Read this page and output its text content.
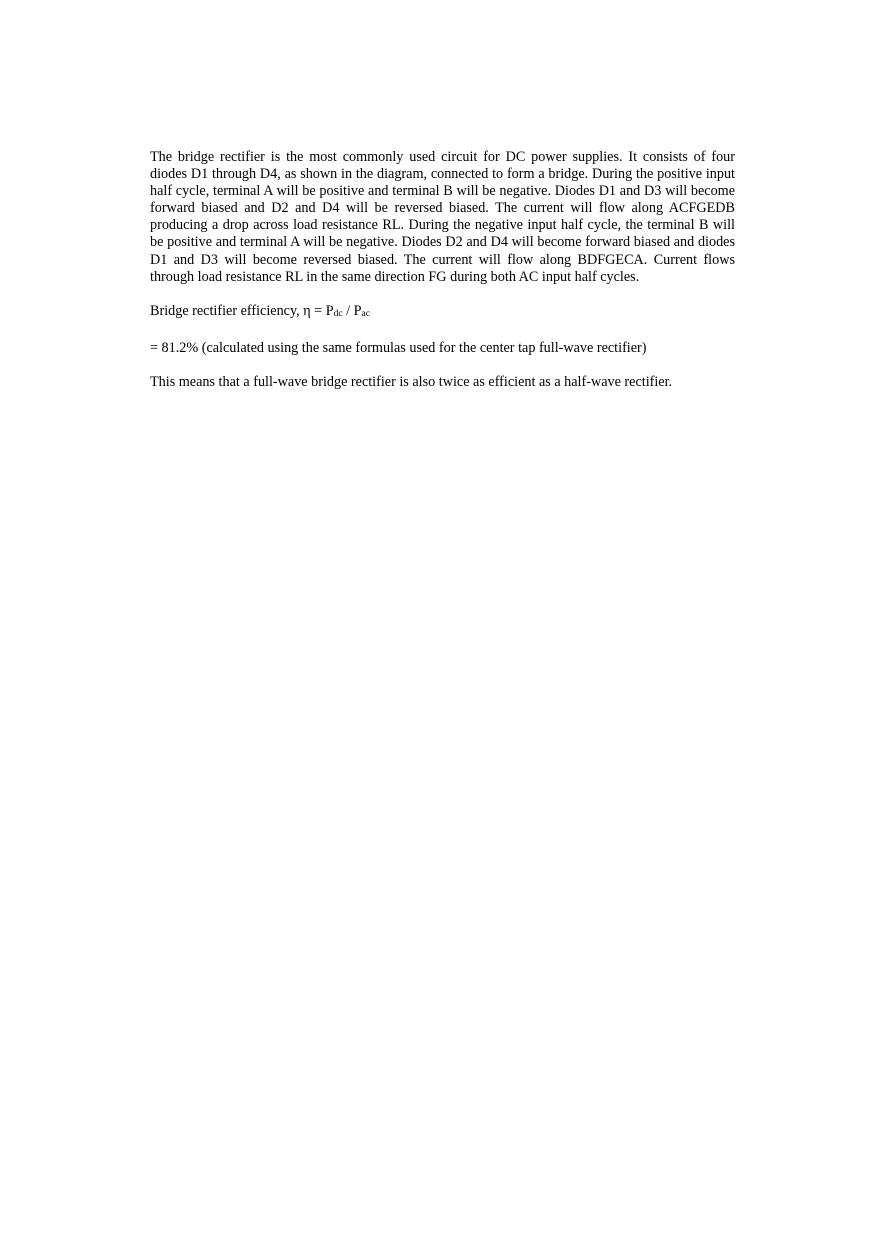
The bridge rectifier is the most commonly used circuit for DC power supplies. It consists of four diodes D1 through D4, as shown in the diagram, connected to form a bridge. During the positive input half cycle, terminal A will be positive and terminal B will be negative. Diodes D1 and D3 will become forward biased and D2 and D4 will be reversed biased. The current will flow along ACFGEDB producing a drop across load resistance RL. During the negative input half cycle, the terminal B will be positive and terminal A will be negative. Diodes D2 and D4 will become forward biased and diodes D1 and D3 will become reversed biased. The current will flow along BDFGECA. Current flows through load resistance RL in the same direction FG during both AC input half cycles.

Bridge rectifier efficiency, η = Pdc / Pac

= 81.2% (calculated using the same formulas used for the center tap full-wave rectifier)

This means that a full-wave bridge rectifier is also twice as efficient as a half-wave rectifier.
